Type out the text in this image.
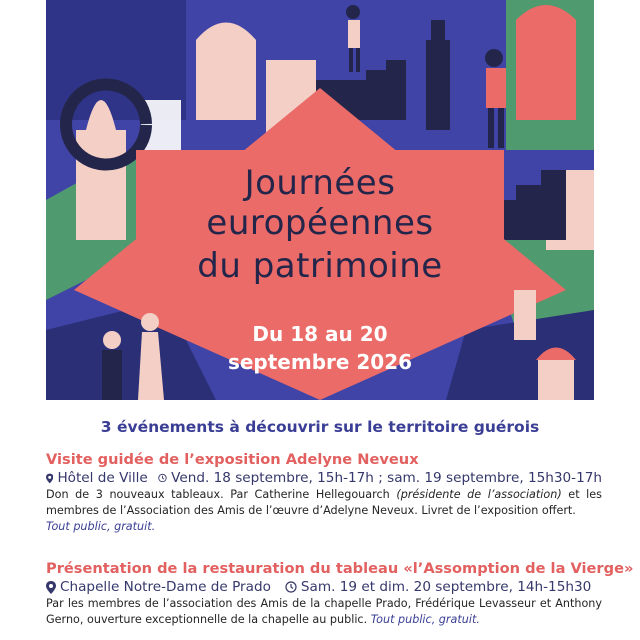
Journées
européennes
du patrimoine
Du 18 au 20
septembre 2026
3 événements à découvrir sur le territoire guérois
Visite guidée de l’exposition Adelyne Neveux
Hôtel de Ville Vend. 18 septembre, 15h-17h ; sam. 19 septembre, 15h30-17h
Don de 3 nouveaux tableaux. Par Catherine Hellegouarch (présidente de l’association) et les membres de l’Association des Amis de l’œuvre d’Adelyne Neveux. Livret de l’exposition offert.
Tout public, gratuit.
Présentation de la restauration du tableau «l’Assomption de la Vierge»
Chapelle Notre-Dame de Prado Sam. 19 et dim. 20 septembre, 14h-15h30
Par les membres de l’association des Amis de la chapelle Prado, Frédérique Levasseur et Anthony Gerno, ouverture exceptionnelle de la chapelle au public. Tout public, gratuit.
